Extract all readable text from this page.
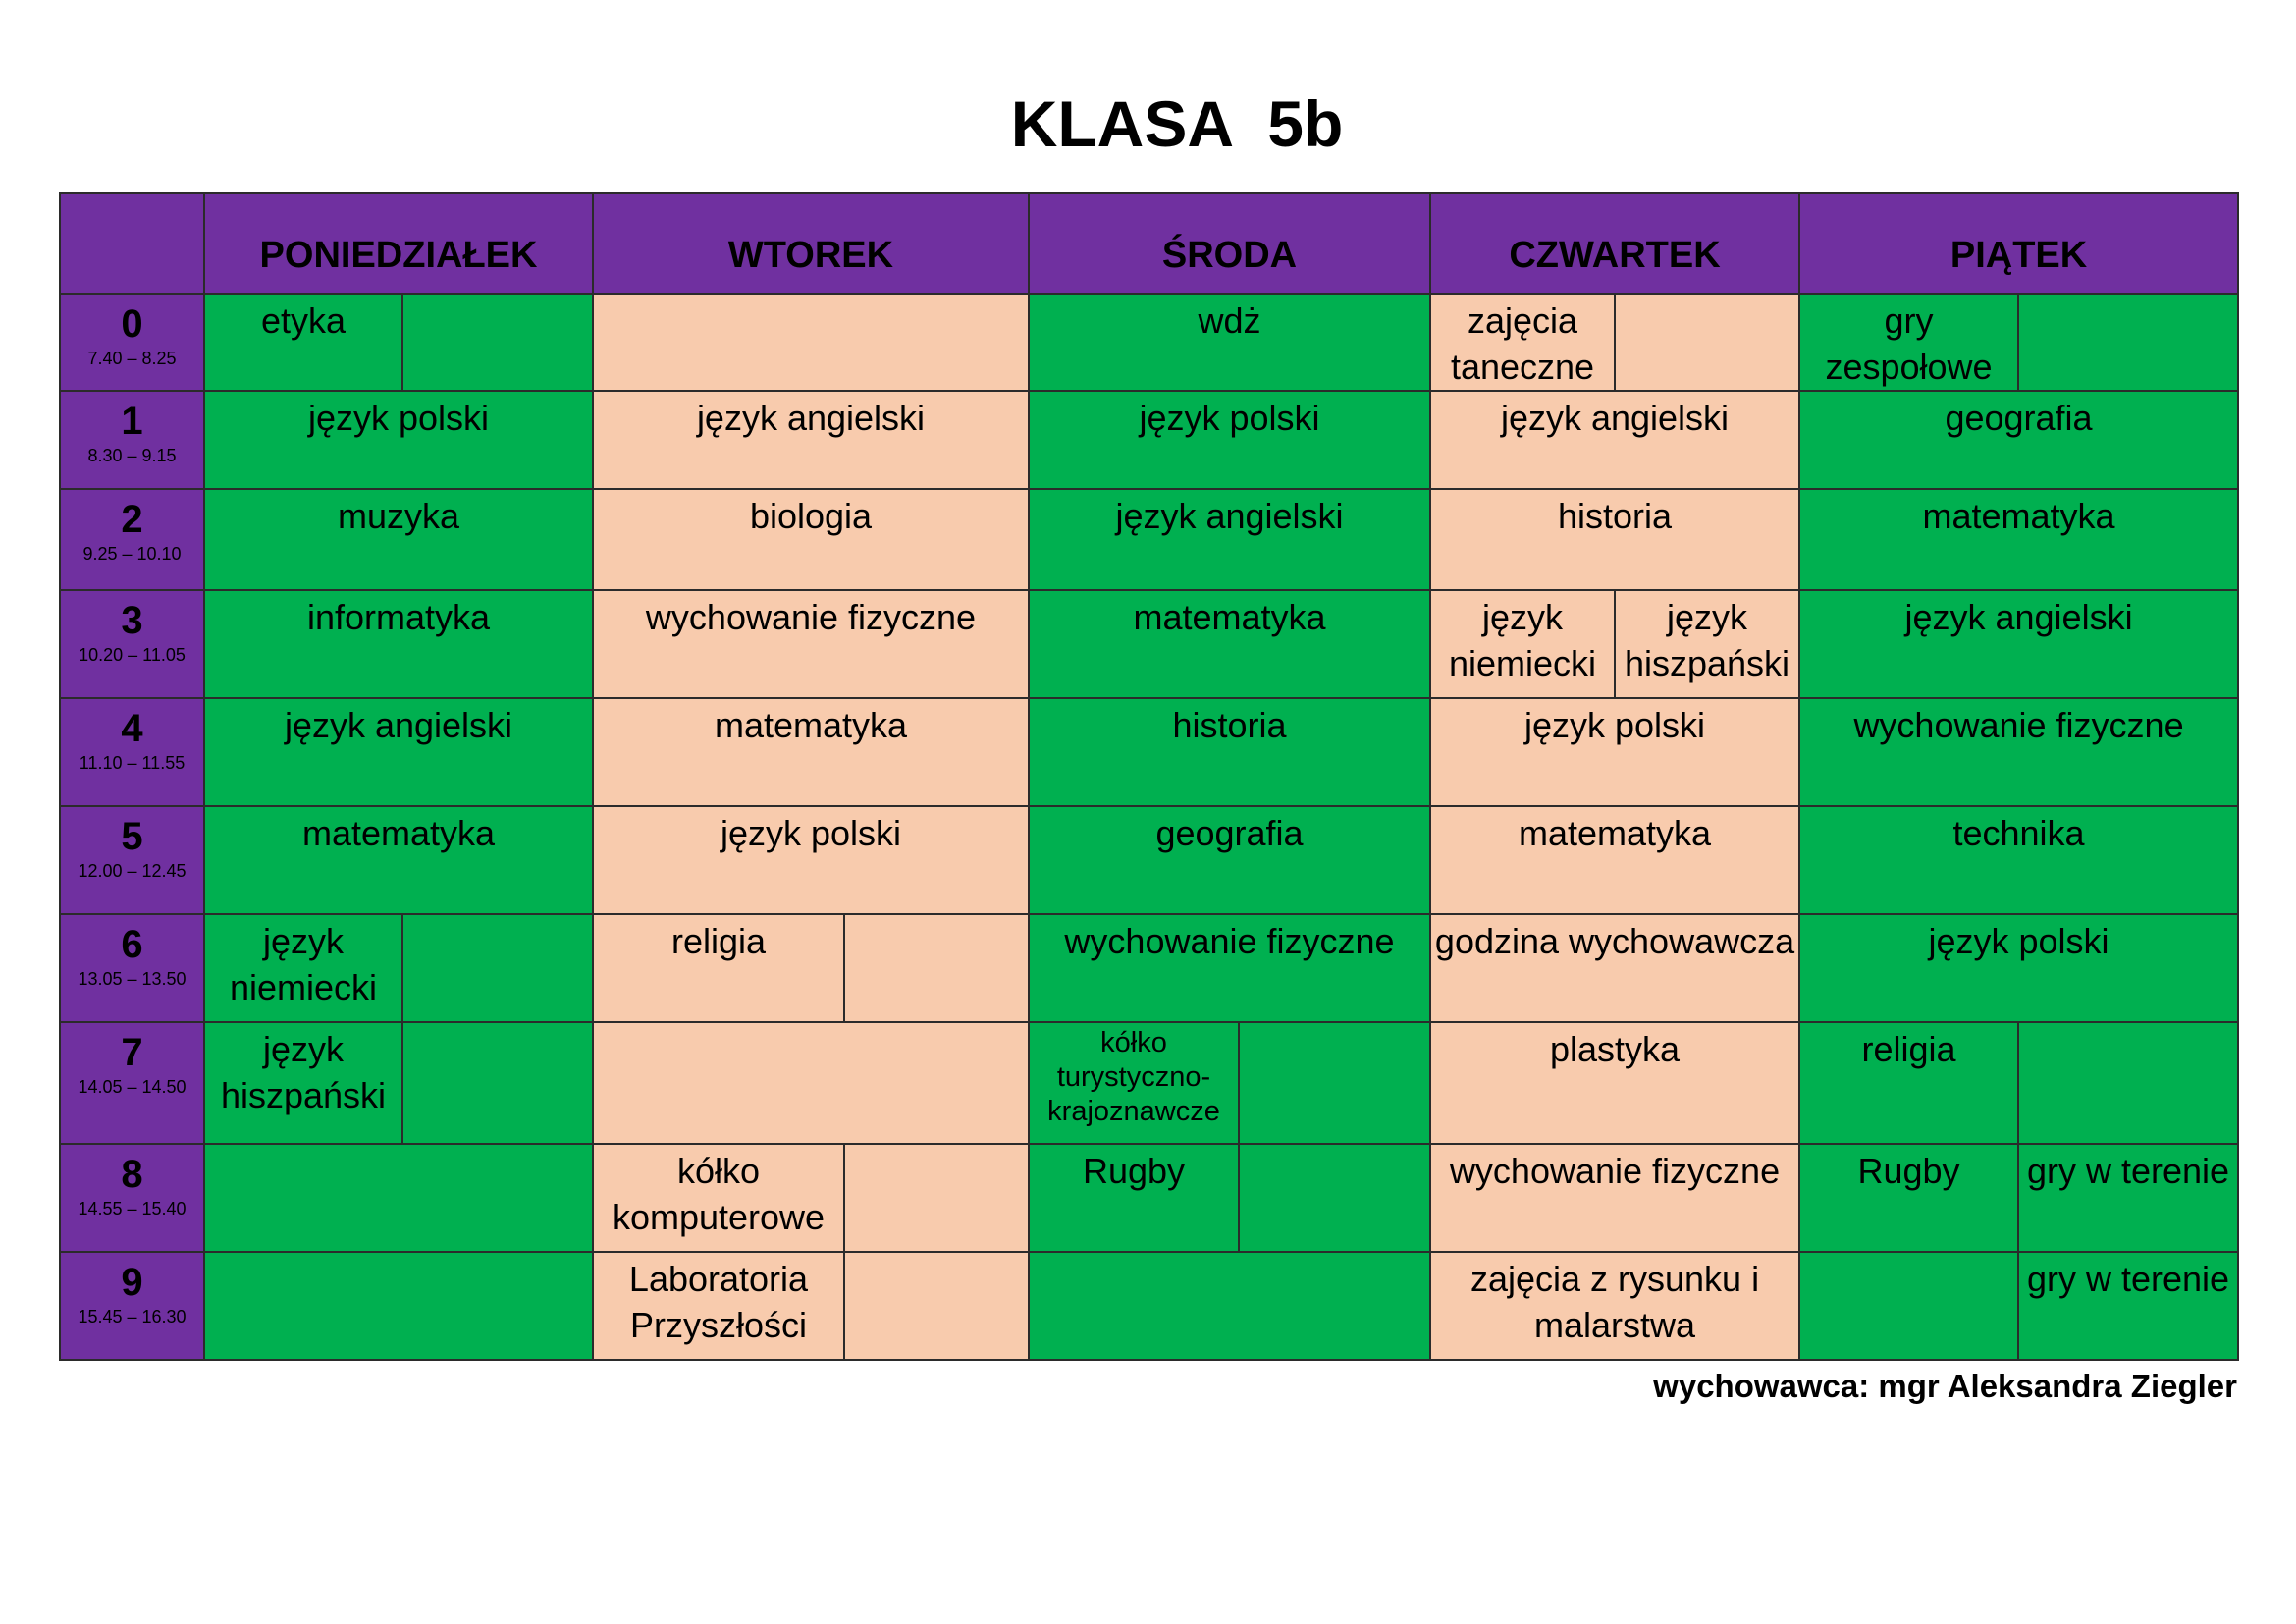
KLASA  5b
	PONIEDZIAŁEK		WTOREK		ŚRODA		CZWARTEK		PIĄTEK	

0
7.40 – 8.25	etyka				wdż		zajęcia taneczne		gry zespołowe	

1
8.30 – 9.15	język polski		język angielski		język polski		język angielski		geografia	

2
9.25 – 10.10	muzyka		biologia		język angielski		historia		matematyka	

3
10.20 – 11.05	informatyka		wychowanie fizyczne		matematyka		język niemiecki	język hiszpański	język angielski	

4
11.10 – 11.55	język angielski		matematyka		historia		język polski		wychowanie fizyczne	

5
12.00 – 12.45	matematyka		język polski		geografia		matematyka		technika	

6
13.05 – 13.50	język niemiecki		religia		wychowanie fizyczne		godzina wychowawcza		język polski	

7
14.05 – 14.50	język hiszpański				kółko turystyczno-krajoznawcze		plastyka		religia	

8
14.55 – 15.40			kółko komputerowe		Rugby		wychowanie fizyczne		Rugby	gry w terenie

9
15.45 – 16.30			Laboratoria Przyszłości				zajęcia z rysunku i malarstwa			gry w terenie
wychowawca: mgr Aleksandra Ziegler
